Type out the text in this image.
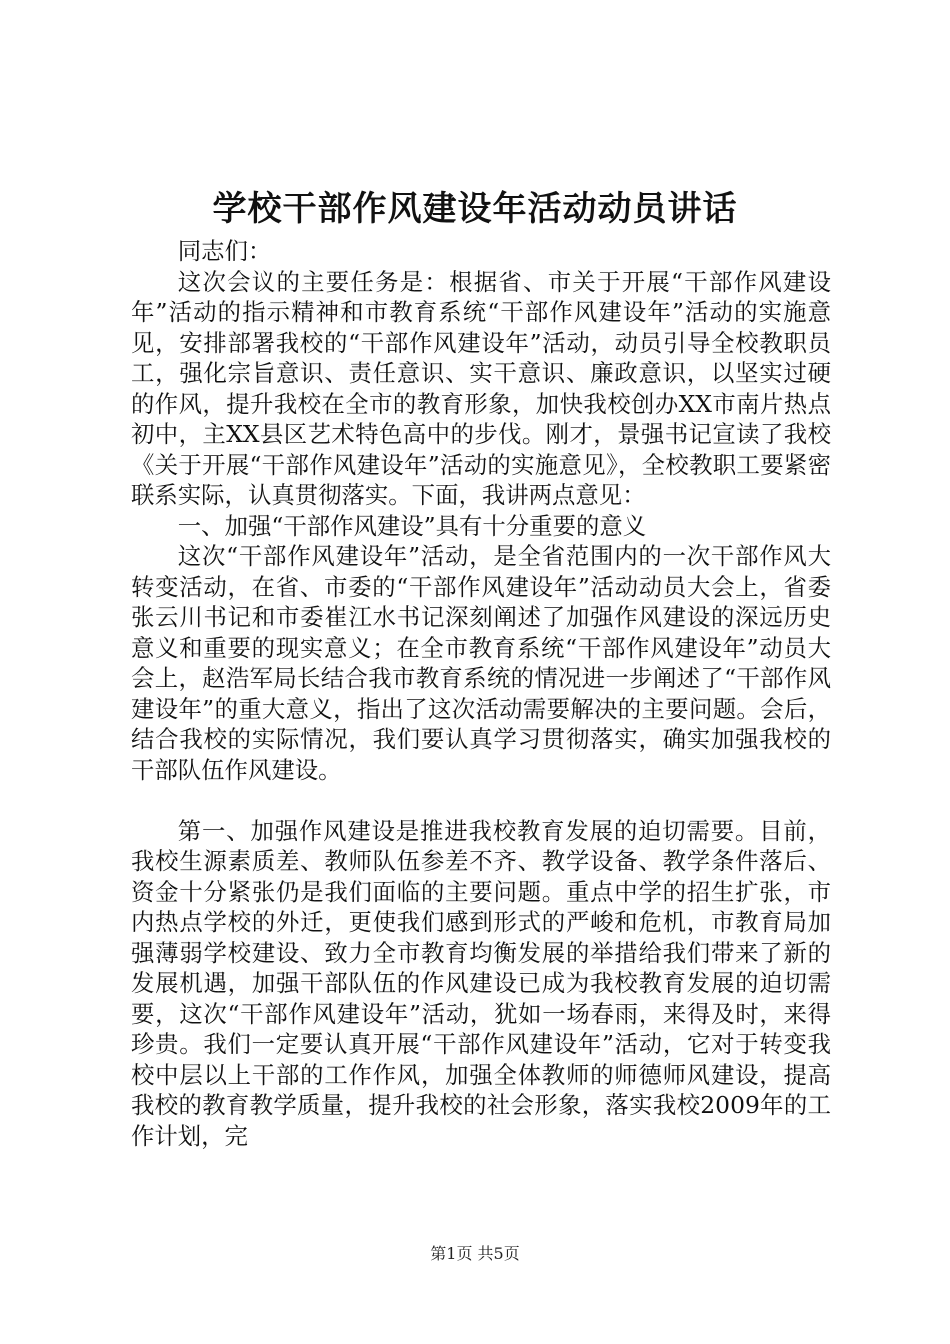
学校干部作风建设年活动动员讲话

同志们：

这次会议的主要任务是：根据省、市关于开展“干部作风建设年”活动的指示精神和市教育系统“干部作风建设年”活动的实施意见，安排部署我校的“干部作风建设年”活动，动员引导全校教职员工，强化宗旨意识、责任意识、实干意识、廉政意识，以坚实过硬的作风，提升我校在全市的教育形象，加快我校创办XX市南片热点初中，主XX县区艺术特色高中的步伐。刚才，景强书记宣读了我校《关于开展“干部作风建设年”活动的实施意见》，全校教职工要紧密联系实际，认真贯彻落实。下面，我讲两点意见：

一、加强“干部作风建设”具有十分重要的意义

这次“干部作风建设年”活动，是全省范围内的一次干部作风大转变活动，在省、市委的“干部作风建设年”活动动员大会上，省委张云川书记和市委崔江水书记深刻阐述了加强作风建设的深远历史意义和重要的现实意义；在全市教育系统“干部作风建设年”动员大会上，赵浩军局长结合我市教育系统的情况进一步阐述了“干部作风建设年”的重大意义，指出了这次活动需要解决的主要问题。会后，结合我校的实际情况，我们要认真学习贯彻落实，确实加强我校的干部队伍作风建设。

第一、加强作风建设是推进我校教育发展的迫切需要。目前，我校生源素质差、教师队伍参差不齐、教学设备、教学条件落后、资金十分紧张仍是我们面临的主要问题。重点中学的招生扩张，市内热点学校的外迁，更使我们感到形式的严峻和危机，市教育局加强薄弱学校建设、致力全市教育均衡发展的举措给我们带来了新的发展机遇，加强干部队伍的作风建设已成为我校教育发展的迫切需要，这次“干部作风建设年”活动，犹如一场春雨，来得及时，来得珍贵。我们一定要认真开展“干部作风建设年”活动，它对于转变我校中层以上干部的工作作风，加强全体教师的师德师风建设，提高我校的教育教学质量，提升我校的社会形象，落实我校2009年的工作计划，完

第1页 共5页
